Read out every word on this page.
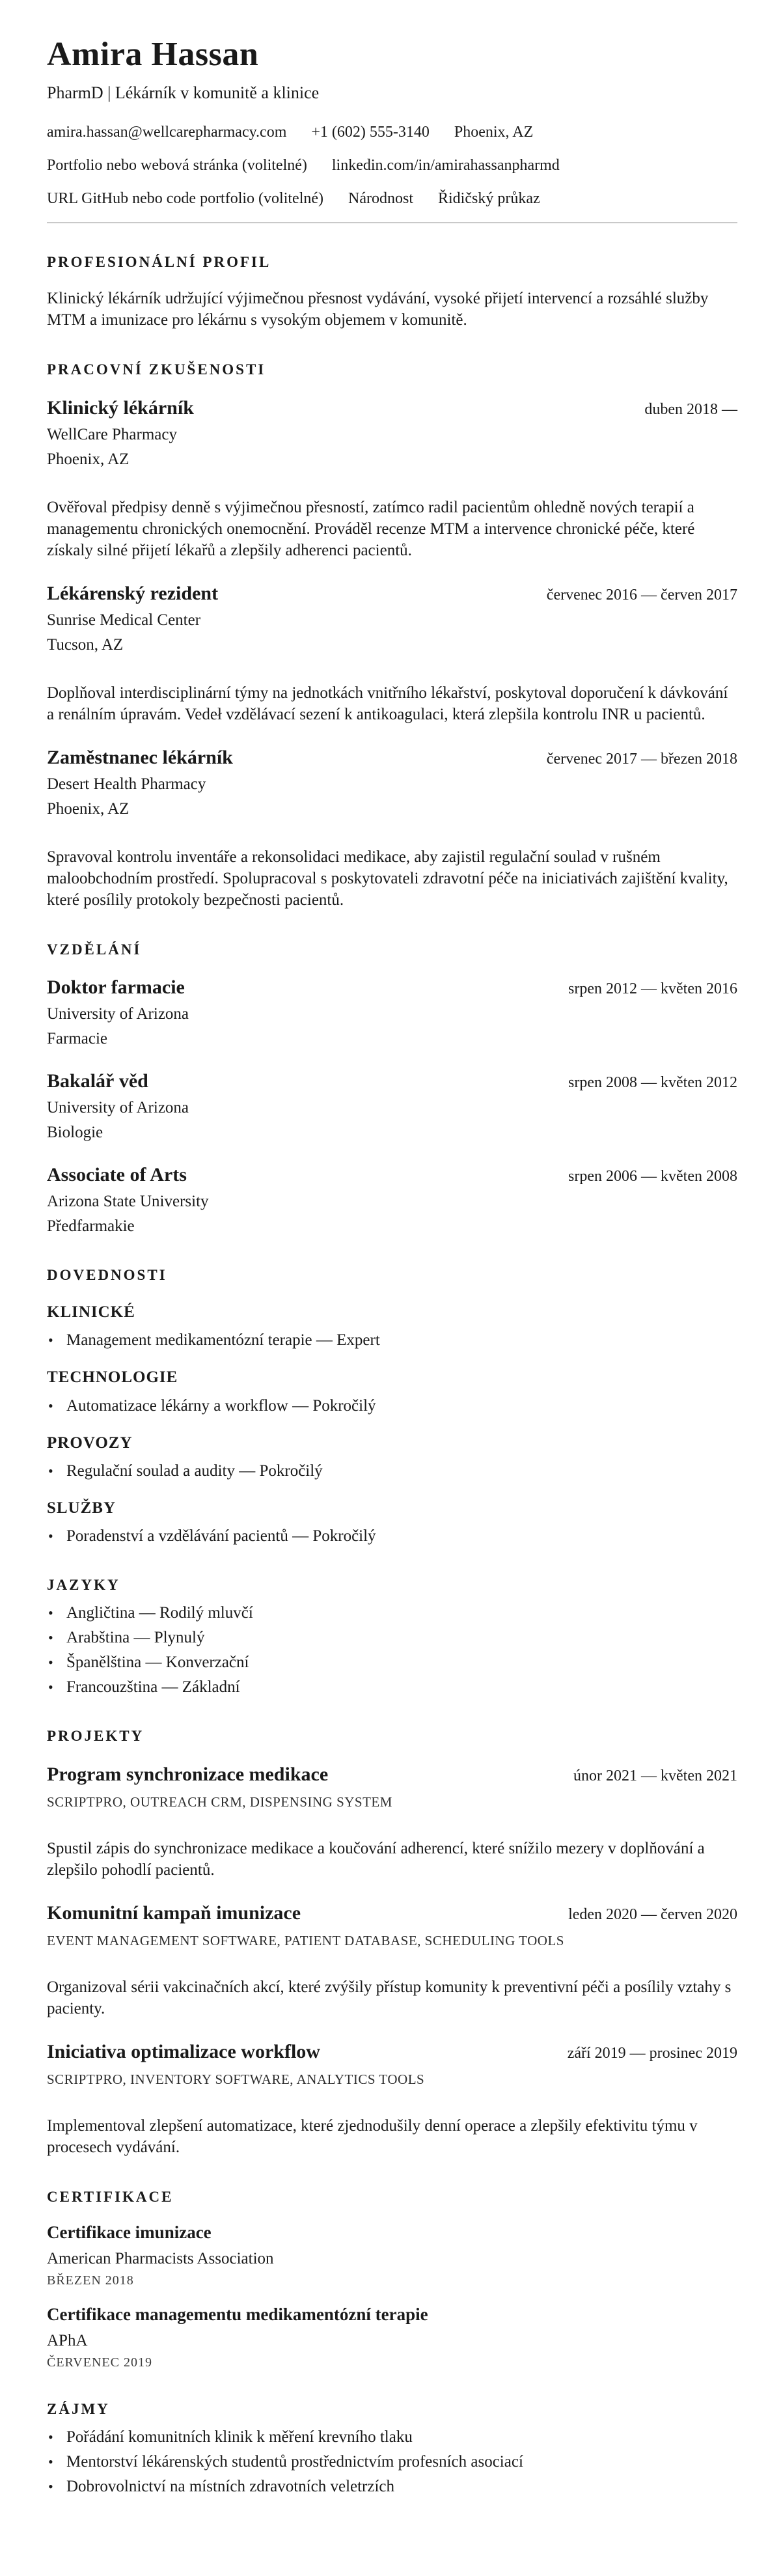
Amira Hassan
PharmD | Lékárník v komunitě a klinice
amira.hassan@wellcarepharmacy.com +1 (602) 555-3140 Phoenix, AZ
Portfolio nebo webová stránka (volitelné) linkedin.com/in/amirahassanpharmd
URL GitHub nebo code portfolio (volitelné) Národnost Řidičský průkaz
PROFESIONÁLNÍ PROFIL

Klinický lékárník udržující výjimečnou přesnost vydávání, vysoké přijetí intervencí a rozsáhlé služby MTM a imunizace pro lékárnu s vysokým objemem v komunitě.

PRACOVNÍ ZKUŠENOSTI
Klinický lékárník	duben 2018 —
WellCare Pharmacy
Phoenix, AZ

Ověřoval předpisy denně s výjimečnou přesností, zatímco radil pacientům ohledně nových terapií a managementu chronických onemocnění. Prováděl recenze MTM a intervence chronické péče, které získaly silné přijetí lékařů a zlepšily adherenci pacientů.

Lékárenský rezident	červenec 2016 — červen 2017
Sunrise Medical Center
Tucson, AZ

Doplňoval interdisciplinární týmy na jednotkách vnitřního lékařství, poskytoval doporučení k dávkování a renálním úpravám. Vedeł vzdělávací sezení k antikoagulaci, která zlepšila kontrolu INR u pacientů.

Zaměstnanec lékárník	červenec 2017 — březen 2018
Desert Health Pharmacy
Phoenix, AZ

Spravoval kontrolu inventáře a rekonsolidaci medikace, aby zajistil regulační soulad v rušném maloobchodním prostředí. Spolupracoval s poskytovateli zdravotní péče na iniciativách zajištění kvality, které posílily protokoly bezpečnosti pacientů.

VZDĚLÁNÍ
Doktor farmacie	srpen 2012 — květen 2016
University of Arizona
Farmacie
Bakalář věd	srpen 2008 — květen 2012
University of Arizona
Biologie
Associate of Arts	srpen 2006 — květen 2008
Arizona State University
Předfarmakie
DOVEDNOSTI
KLINICKÉ
• Management medikamentózní terapie — Expert
TECHNOLOGIE
• Automatizace lékárny a workflow — Pokročilý
PROVOZY
• Regulační soulad a audity — Pokročilý
SLUŽBY
• Poradenství a vzdělávání pacientů — Pokročilý
JAZYKY
• Angličtina — Rodilý mluvčí
• Arabština — Plynulý
• Španělština — Konverzační
• Francouzština — Základní
PROJEKTY
Program synchronizace medikace	únor 2021 — květen 2021
SCRIPTPRO, OUTREACH CRM, DISPENSING SYSTEM

Spustil zápis do synchronizace medikace a koučování adherencí, které snížilo mezery v doplňování a zlepšilo pohodlí pacientů.

Komunitní kampaň imunizace	leden 2020 — červen 2020
EVENT MANAGEMENT SOFTWARE, PATIENT DATABASE, SCHEDULING TOOLS

Organizoval sérii vakcinačních akcí, které zvýšily přístup komunity k preventivní péči a posílily vztahy s pacienty.

Iniciativa optimalizace workflow	září 2019 — prosinec 2019
SCRIPTPRO, INVENTORY SOFTWARE, ANALYTICS TOOLS

Implementoval zlepšení automatizace, které zjednodušily denní operace a zlepšily efektivitu týmu v procesech vydávání.

CERTIFIKACE
Certifikace imunizace
American Pharmacists Association
BŘEZEN 2018
Certifikace managementu medikamentózní terapie
APhA
ČERVENEC 2019
ZÁJMY
• Pořádání komunitních klinik k měření krevního tlaku
• Mentorství lékárenských studentů prostřednictvím profesních asociací
• Dobrovolnictví na místních zdravotních veletrzích
